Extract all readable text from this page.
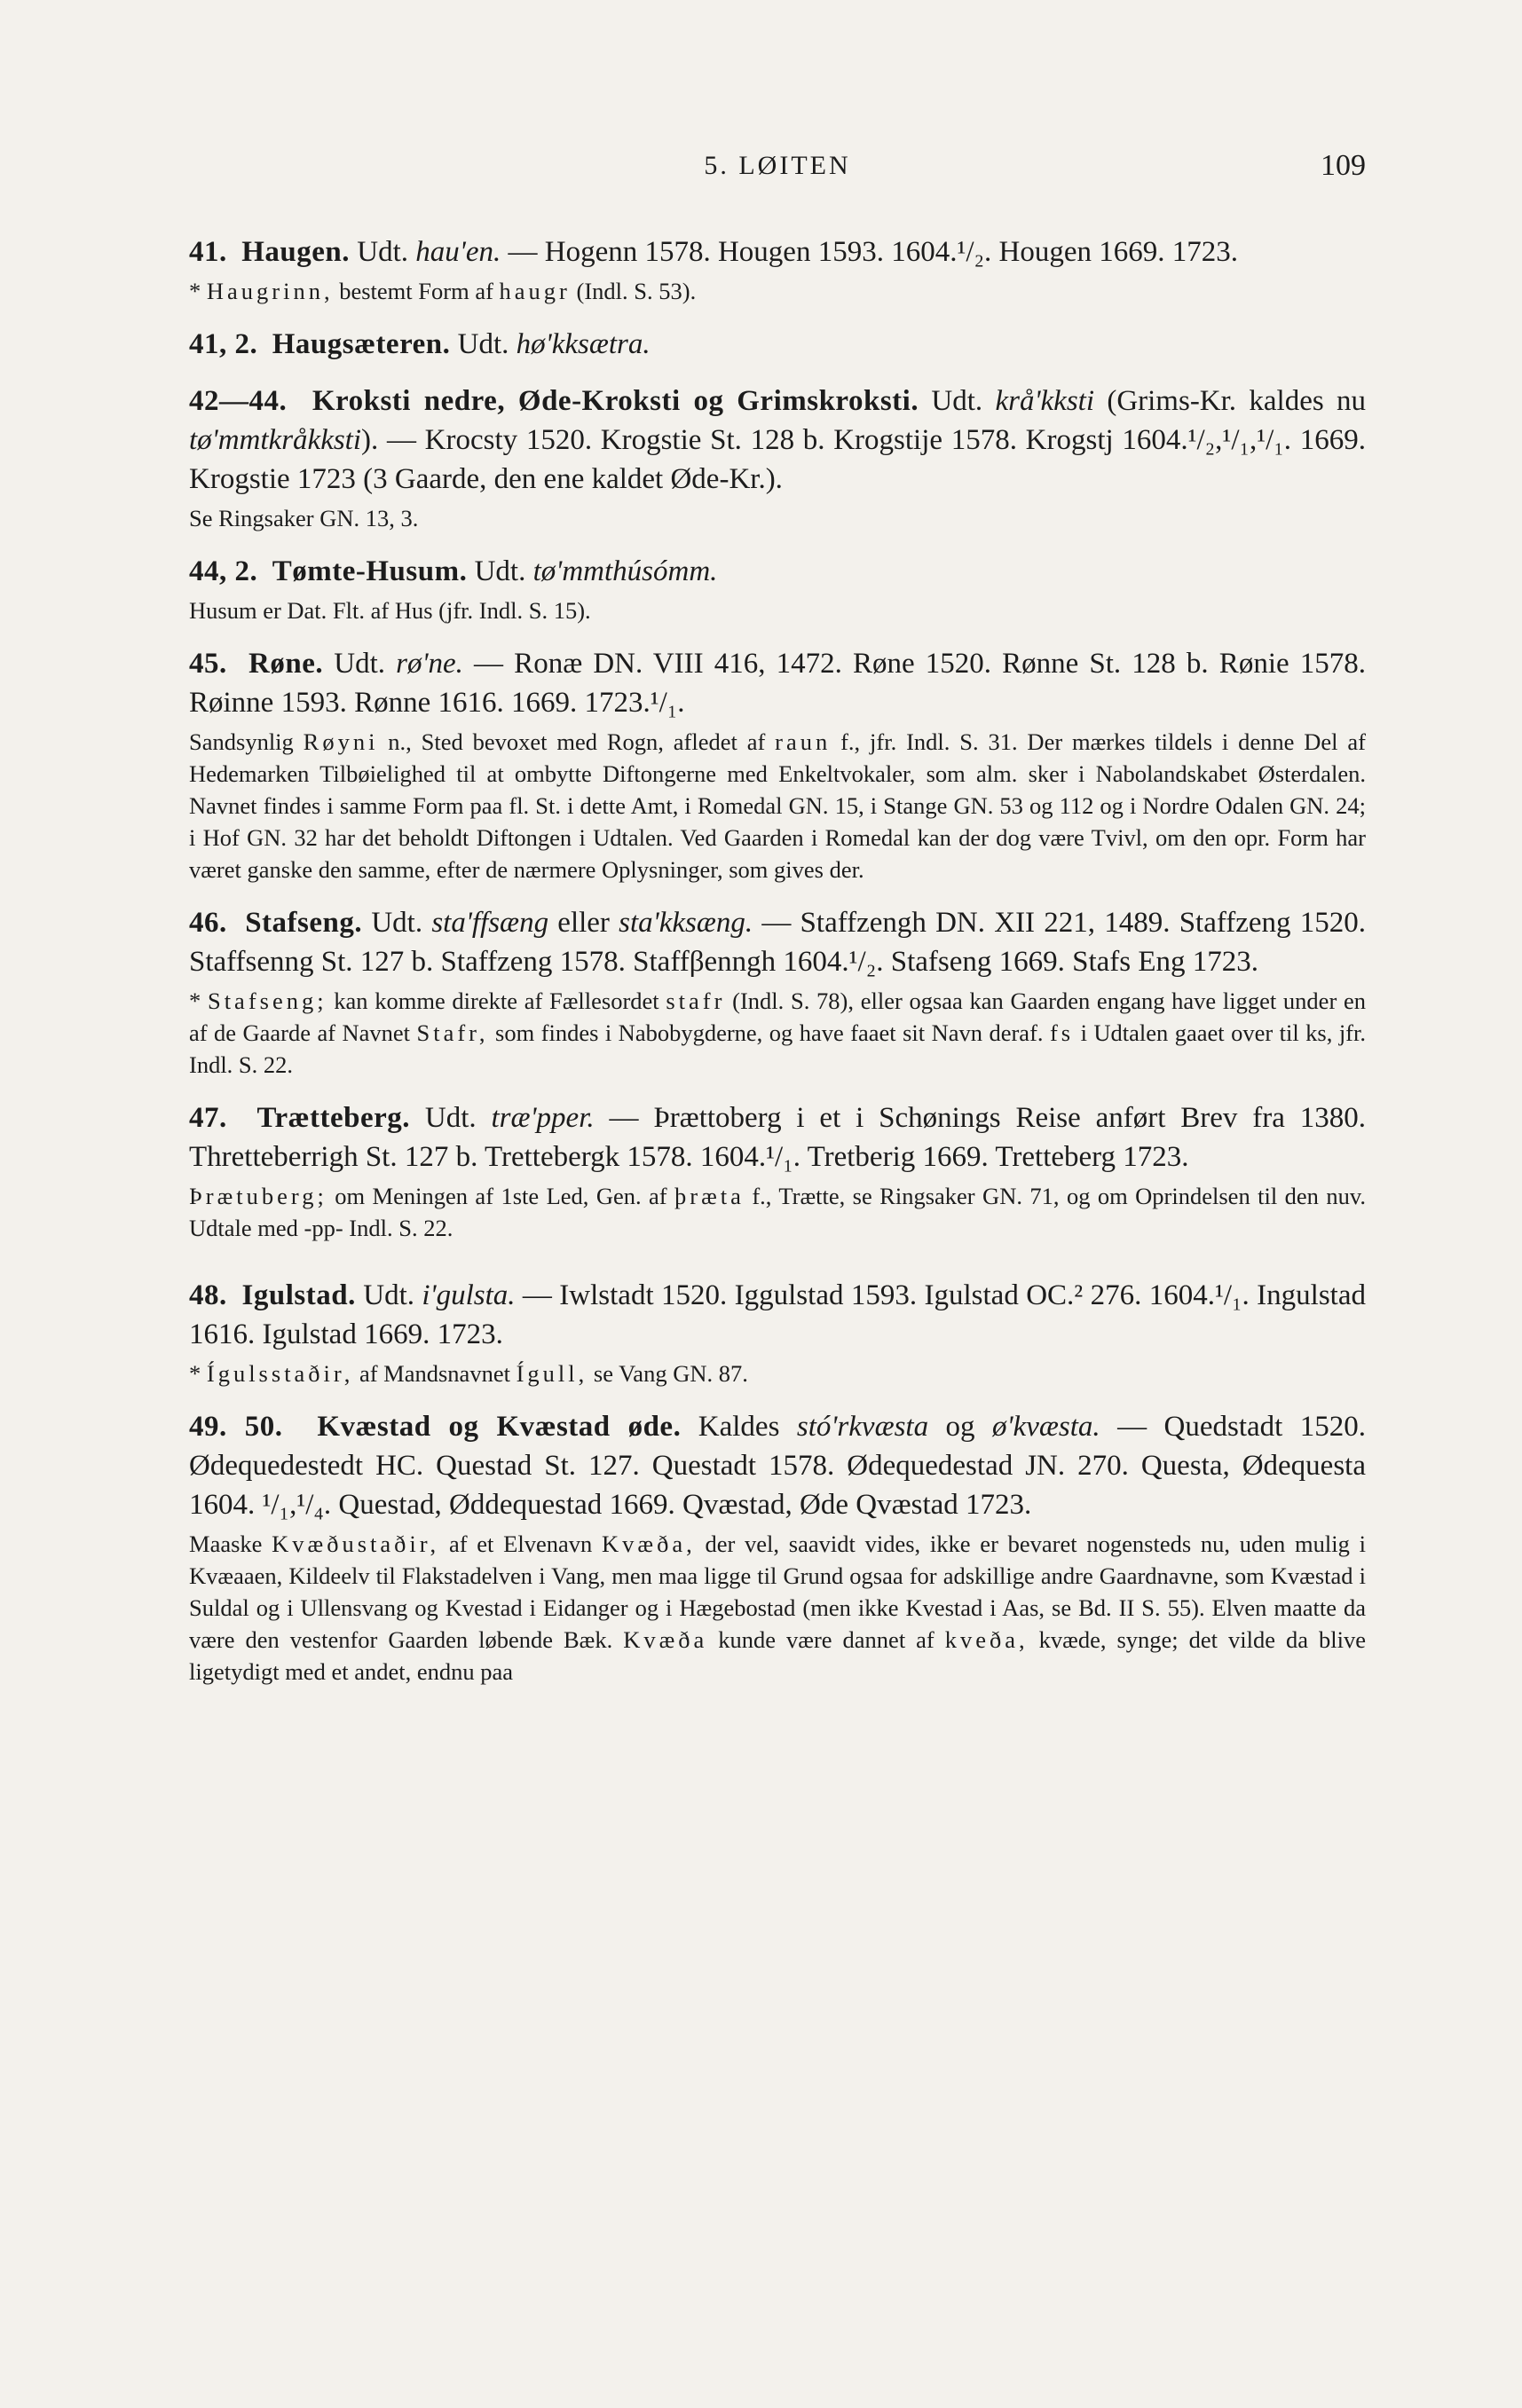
5. LØITEN	109

41. Haugen. Udt. hau'en. — Hogenn 1578. Hougen 1593. 1604.¹/₂. Hougen 1669. 1723.

* Haugrinn, bestemt Form af haugr (Indl. S. 53).

41, 2. Haugsæteren. Udt. hø'kksætra.

42—44. Kroksti nedre, Øde-Kroksti og Grimskroksti. Udt. krå'kksti (Grims-Kr. kaldes nu tø'mmtkråkksti). — Krocsty 1520. Krogstie St. 128 b. Krogstije 1578. Krogstj 1604.¹/₂,¹/₁,¹/₁. 1669. Krogstie 1723 (3 Gaarde, den ene kaldet Øde-Kr.).

Se Ringsaker GN. 13, 3.

44, 2. Tømte-Husum. Udt. tø'mmthúsómm.

Husum er Dat. Flt. af Hus (jfr. Indl. S. 15).

45. Røne. Udt. rø'ne. — Ronæ DN. VIII 416, 1472. Røne 1520. Rønne St. 128 b. Rønie 1578. Røinne 1593. Rønne 1616. 1669. 1723.¹/₁.

Sandsynlig Røyni n., Sted bevoxet med Rogn, afledet af raun f., jfr. Indl. S. 31. Der mærkes tildels i denne Del af Hedemarken Tilbøielighed til at ombytte Diftongerne med Enkeltvokaler, som alm. sker i Nabolandskabet Østerdalen. Navnet findes i samme Form paa fl. St. i dette Amt, i Romedal GN. 15, i Stange GN. 53 og 112 og i Nordre Odalen GN. 24; i Hof GN. 32 har det beholdt Diftongen i Udtalen. Ved Gaarden i Romedal kan der dog være Tvivl, om den opr. Form har været ganske den samme, efter de nærmere Oplysninger, som gives der.

46. Stafseng. Udt. sta'ffsæng eller sta'kksæng. — Staffzengh DN. XII 221, 1489. Staffzeng 1520. Staffsenng St. 127 b. Staffzeng 1578. Staffβenngh 1604.¹/₂. Stafseng 1669. Stafs Eng 1723.

* Stafseng; kan komme direkte af Fællesordet stafr (Indl. S. 78), eller ogsaa kan Gaarden engang have ligget under en af de Gaarde af Navnet Stafr, som findes i Nabobygderne, og have faaet sit Navn deraf. fs i Udtalen gaaet over til ks, jfr. Indl. S. 22.

47. Trætteberg. Udt. træ'pper. — Þrættoberg i et i Schønings Reise anført Brev fra 1380. Thretteberrigh St. 127 b. Trettebergk 1578. 1604.¹/₁. Tretberig 1669. Tretteberg 1723.

Þrætuberg; om Meningen af 1ste Led, Gen. af þræta f., Trætte, se Ringsaker GN. 71, og om Oprindelsen til den nuv. Udtale med -pp- Indl. S. 22.

48. Igulstad. Udt. i'gulsta. — Iwlstadt 1520. Iggulstad 1593. Igulstad OC.² 276. 1604.¹/₁. Ingulstad 1616. Igulstad 1669. 1723.

* Ígulsstaðir, af Mandsnavnet Ígull, se Vang GN. 87.

49. 50. Kvæstad og Kvæstad øde. Kaldes stó'rkvæsta og ø'kvæsta. — Quedstadt 1520. Ødequedestedt HC. Questad St. 127. Questadt 1578. Ødequedestad JN. 270. Questa, Ødequesta 1604. ¹/₁,¹/₄. Questad, Øddequestad 1669. Qvæstad, Øde Qvæstad 1723.

Maaske Kvæðustaðir, af et Elvenavn Kvæða, der vel, saavidt vides, ikke er bevaret nogensteds nu, uden mulig i Kvæaaen, Kildeelv til Flakstadelven i Vang, men maa ligge til Grund ogsaa for adskillige andre Gaardnavne, som Kvæstad i Suldal og i Ullensvang og Kvestad i Eidanger og i Hægebostad (men ikke Kvestad i Aas, se Bd. II S. 55). Elven maatte da være den vestenfor Gaarden løbende Bæk. Kvæða kunde være dannet af kveða, kvæde, synge; det vilde da blive ligetydigt med et andet, endnu paa
